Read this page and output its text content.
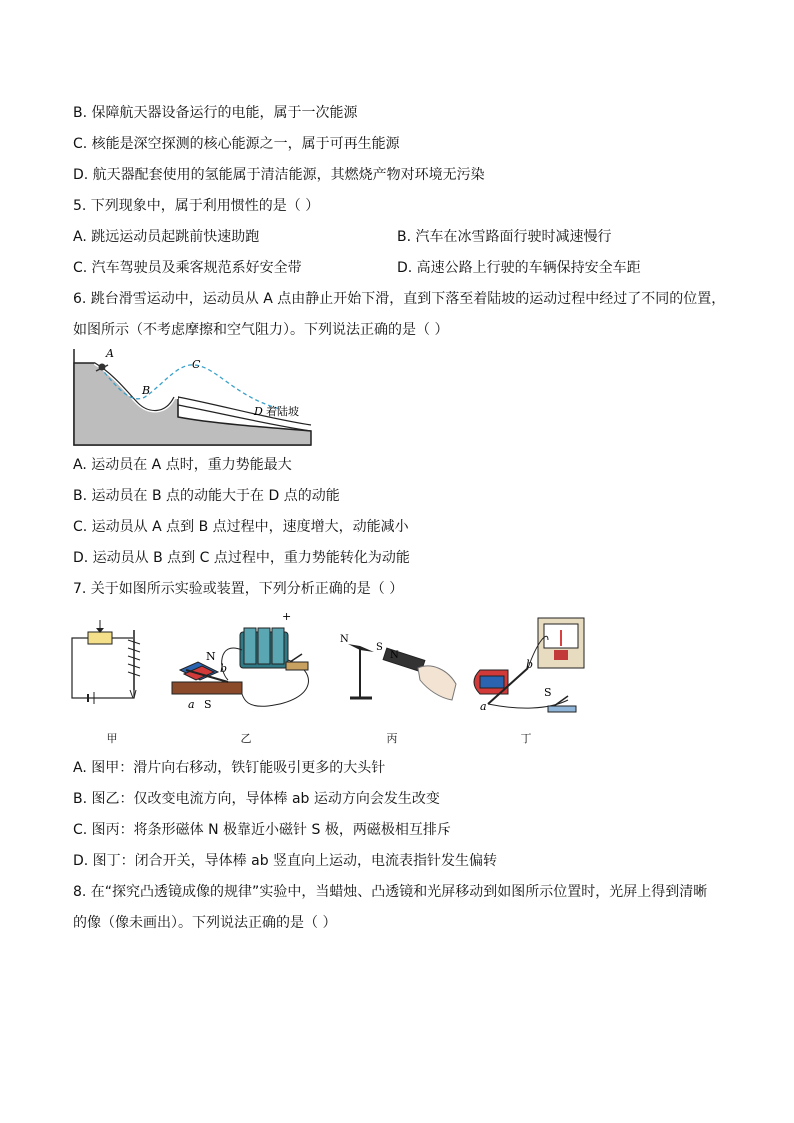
B. 保障航天器设备运行的电能，属于一次能源
C. 核能是深空探测的核心能源之一，属于可再生能源
D. 航天器配套使用的氢能属于清洁能源，其燃烧产物对环境无污染
5. 下列现象中，属于利用惯性的是（ ）
A. 跳远运动员起跳前快速助跑	B. 汽车在冰雪路面行驶时减速慢行
C. 汽车驾驶员及乘客规范系好安全带	D. 高速公路上行驶的车辆保持安全车距
6. 跳台滑雪运动中，运动员从 A 点由静止开始下滑，直到下落至着陆坡的运动过程中经过了不同的位置，
如图所示（不考虑摩擦和空气阻力）。下列说法正确的是（ ）
A
B
C
D 着陆坡
A. 运动员在 A 点时，重力势能最大
B. 运动员在 B 点的动能大于在 D 点的动能
C. 运动员从 A 点到 B 点过程中，速度增大，动能减小
D. 运动员从 B 点到 C 点过程中，重力势能转化为动能
7. 关于如图所示实验或装置，下列分析正确的是（ ）
N
S
a
b
+
N
S
N
a
b
S
甲	乙	丙	丁
A. 图甲：滑片向右移动，铁钉能吸引更多的大头针
B. 图乙：仅改变电流方向，导体棒 ab 运动方向会发生改变
C. 图丙：将条形磁体 N 极靠近小磁针 S 极，两磁极相互排斥
D. 图丁：闭合开关，导体棒 ab 竖直向上运动，电流表指针发生偏转
8. 在“探究凸透镜成像的规律”实验中，当蜡烛、凸透镜和光屏移动到如图所示位置时，光屏上得到清晰
的像（像未画出）。下列说法正确的是（ ）
